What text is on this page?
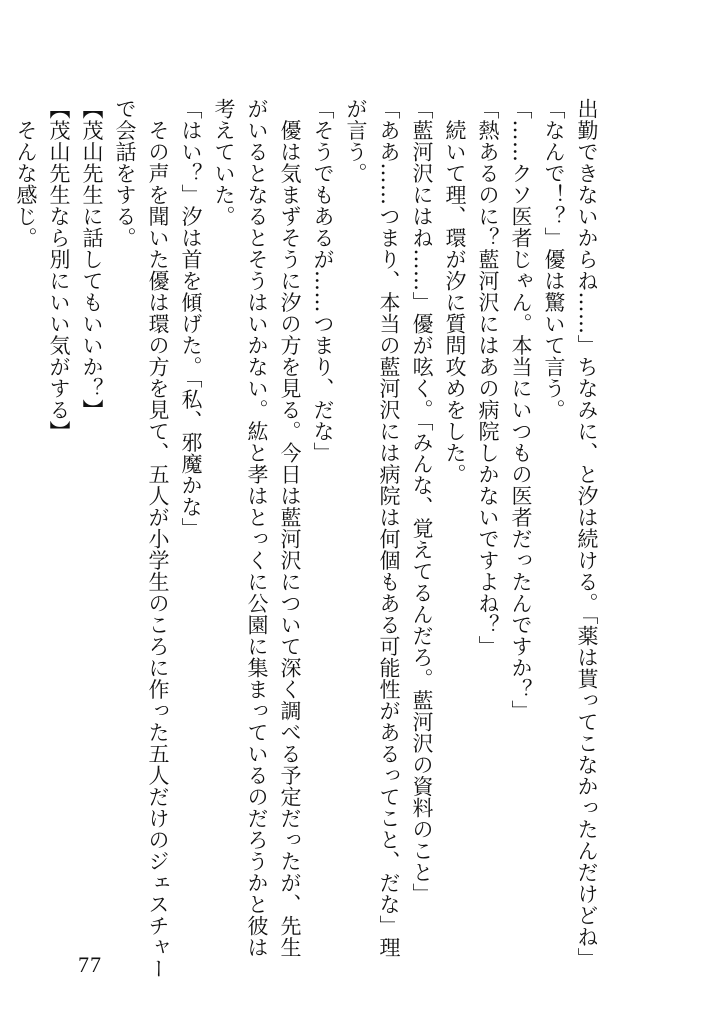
出勤できないからね……」ちなみに、と汐は続ける。「薬は貰ってこなかったんだけどね」
「なんで！？」優は驚いて言う。
「……クソ医者じゃん。本当にいつもの医者だったんですか？」
「熱あるのに？藍河沢にはあの病院しかないですよね？」
　続いて理、環が汐に質問攻めをした。
「藍河沢にはね……」優が呟く。「みんな、覚えてるんだろ。藍河沢の資料のこと」
「ああ……つまり、本当の藍河沢には病院は何個もある可能性があるってこと、だな」理
が言う。
「そうでもあるが……つまり、だな」
　優は気まずそうに汐の方を見る。今日は藍河沢について深く調べる予定だったが、先生
がいるとなるとそうはいかない。紘と孝はとっくに公園に集まっているのだろうかと彼は
考えていた。
「はい？」汐は首を傾げた。「私、邪魔かな」
　その声を聞いた優は環の方を見て、五人が小学生のころに作った五人だけのジェスチャー
で会話をする。
【茂山先生に話してもいいか？】
【茂山先生なら別にいい気がする】
　そんな感じ。
77
